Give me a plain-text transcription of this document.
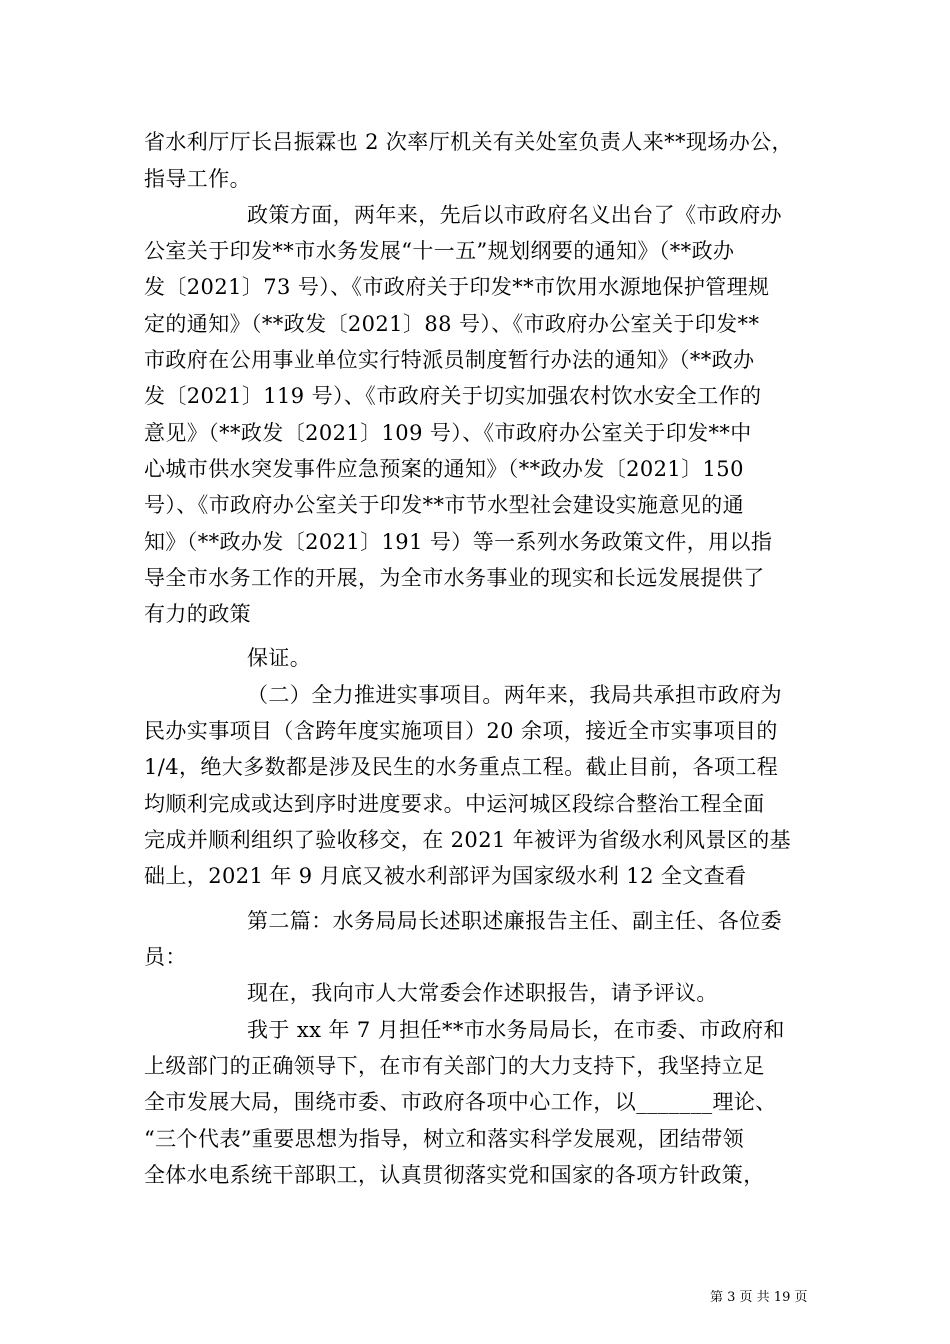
省水利厅厅长吕振霖也 2 次率厅机关有关处室负责人来**现场办公，
指导工作。
政策方面，两年来，先后以市政府名义出台了《市政府办
公室关于印发**市水务发展“十一五”规划纲要的通知》（**政办
发〔2021〕73 号）、《市政府关于印发**市饮用水源地保护管理规
定的通知》（**政发〔2021〕88 号）、《市政府办公室关于印发**
市政府在公用事业单位实行特派员制度暂行办法的通知》（**政办
发〔2021〕119 号）、《市政府关于切实加强农村饮水安全工作的
意见》（**政发〔2021〕109 号）、《市政府办公室关于印发**中
心城市供水突发事件应急预案的通知》（**政办发〔2021〕150
号）、《市政府办公室关于印发**市节水型社会建设实施意见的通
知》（**政办发〔2021〕191 号）等一系列水务政策文件，用以指
导全市水务工作的开展，为全市水务事业的现实和长远发展提供了
有力的政策
保证。
（二）全力推进实事项目。两年来，我局共承担市政府为
民办实事项目（含跨年度实施项目）20 余项，接近全市实事项目的
1/4，绝大多数都是涉及民生的水务重点工程。截止目前，各项工程
均顺利完成或达到序时进度要求。中运河城区段综合整治工程全面
完成并顺利组织了验收移交，在 2021 年被评为省级水利风景区的基
础上，2021 年 9 月底又被水利部评为国家级水利 12 全文查看
第二篇：水务局局长述职述廉报告主任、副主任、各位委
员：
现在，我向市人大常委会作述职报告，请予评议。
我于 xx 年 7 月担任**市水务局局长，在市委、市政府和
上级部门的正确领导下，在市有关部门的大力支持下，我坚持立足
全市发展大局，围绕市委、市政府各项中心工作，以_______理论、
“三个代表”重要思想为指导，树立和落实科学发展观，团结带领
全体水电系统干部职工，认真贯彻落实党和国家的各项方针政策，
第 3 页 共 19 页
